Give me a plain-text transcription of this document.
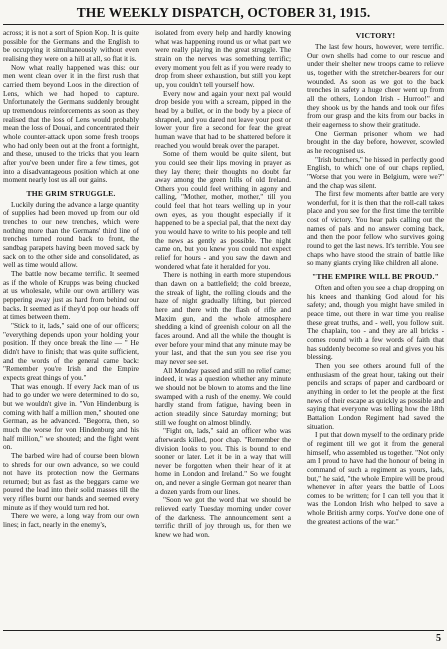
THE WEEKLY DISPATCH, OCTOBER 31, 1915.

across; it is not a sort of Spion Kop. It is quite possible for the Germans and the English to be occupying it simultaneously without even realising they were on a hill at all, so flat it is.

Now what really happened was this: our men went clean over it in the first rush that carried them beyond Loos in the direction of Lens, which we had hoped to capture. Unfortunately the Germans suddenly brought up tremendous reinforcements as soon as they realised that the loss of Lens would probably mean the loss of Douai, and concentrated their whole counter-attack upon some fresh troops who had only been out at the front a fortnight, and these, unused to the tricks that you learn after you've been under fire a few times, got into a disadvantageous position which at one moment nearly lost us all our gains.

THE GRIM STRUGGLE.

Luckily during the advance a large quantity of supplies had been moved up from our old trenches to our new trenches, which were nothing more than the Germans' third line of trenches turned round back to front, the sandbag parapets having been moved sack by sack on to the other side and consolidated, as well as time would allow.

The battle now became terrific. It seemed as if the whole of Krupps was being chucked at us wholesale, while our own artillery was peppering away just as hard from behind our backs. It seemed as if they'd pop our heads off at times between them.

"Stick to it, lads," said one of our officers; "everything depends upon your holding your position. If they once break the line — " He didn't have to finish; that was quite sufficient, and the words of the general came back: "Remember you're Irish and the Empire expects great things of you."

That was enough. If every Jack man of us had to go under we were determined to do so, but we wouldn't give in. "Von Hindenburg is coming with half a million men," shouted one German, as he advanced. "Begorra, then, so much the worse for von Hindenburg and his half million," we shouted; and the fight went on.

The barbed wire had of course been blown to shreds for our own advance, so we could not have its protection now the Germans returned; but as fast as the beggars came we poured the lead into their solid masses till the very rifles burnt our hands and seemed every minute as if they would turn red hot.

There we were, a long way from our own lines; in fact, nearly in the enemy's,

isolated from every help and hardly knowing what was happening round us or what part we were really playing in the great struggle. The strain on the nerves was something terrific; every moment you felt as if you were ready to drop from sheer exhaustion, but still you kept up, you couldn't tell yourself how.

Every now and again your next pal would drop beside you with a scream, pipped in the head by a bullet, or in the body by a piece of shrapnel, and you dared not leave your post or lower your fire a second for fear the great human wave that had to be shattered before it reached you would break over the parapet.

Some of them would be quite silent, but you could see their lips moving in prayer as they lay there; their thoughts no doubt far away among the green hills of old Ireland. Others you could feel writhing in agony and calling, "Mother, mother, mother," till you could feel that hot tears welling up in your own eyes, as you thought especially if it happened to be a special pal, that the next day you would have to write to his people and tell the news as gently as possible. The night came on, but you knew you could not expect relief for hours - and you saw the dawn and wondered what fate it heralded for you.

There is nothing in earth more stupendous than dawn on a battlefield; the cold breeze, the streak of light, the rolling clouds and the haze of night gradually lifting, but pierced here and there with the flash of rifle and Maxim gun, and the whole atmosphere shedding a kind of greenish colour on all the faces around. And all the while the thought is ever before your mind that any minute may be your last, and that the sun you see rise you may never see set.

All Monday passed and still no relief came; indeed, it was a question whether any minute we should not be blown to atoms and the line swamped with a rush of the enemy. We could hardly stand from fatigue, having been in action steadily since Saturday morning; but still we fought on almost blindly.

"Fight on, lads," said an officer who was afterwards killed, poor chap. "Remember the division looks to you. This is bound to end sooner or later. Let it be in a way that will never be forgotten when their hear of it at home in London and Ireland." So we fought on, and never a single German got nearer than a dozen yards from our lines.

"Soon we got the word that we should be relieved early Tuesday morning under cover of the darkness. The announcement sent a terrific thrill of joy through us, for then we knew we had won.

VICTORY!

The last few hours, however, were terrific. Our own shells had come to our rescue and under their shelter new troops came to relieve us, together with the stretcher-bearers for our wounded. As soon as we got to the back trenches in safety a huge cheer went up from all the others, London Irish - Hurroo!" and they shook us by the hands and took our fifes from our grasp and the kits from our backs in their eagerness to show their gratitude.

One German prisoner whom we had brought in the day before, however, scowled as he recognised us.

"Irish butchers," he hissed in perfectly good English, to which one of our chaps replied, "Worse that you were in Belgium, were we?" and the chap was silent.

The first few moments after battle are very wonderful, for it is then that the roll-call takes place and you see for the first time the terrible cost of victory. You hear pals calling out the names of pals and no answer coming back, and then the poor fellow who survives going round to get the last news. It's terrible. You see chaps who have stood the strain of battle like so many giants crying like children all alone.

"THE EMPIRE WILL BE PROUD."

Often and often you see a chap dropping on his knees and thanking God aloud for his safety; and, though you might have smiled in peace time, out there in war time you realise these great truths, and - well, you follow suit. The chaplain, too - and they are all bricks - comes round with a few words of faith that has suddenly become so real and gives you his blessing.

Then you see others around full of the enthusiasm of the great hour, taking out their pencils and scraps of paper and cardboard or anything in order to let the people at the first news of their escape as quickly as possible and saying that everyone was telling how the 18th Battalion London Regiment had saved the situation.

I put that down myself to the ordinary pride of regiment till we got it from the general himself, who assembled us together. "Not only am I proud to have had the honour of being in command of such a regiment as yours, lads, but," he said, "the whole Empire will be proud whenever in after years the battle of Loos comes to be written; for I can tell you that it was the London Irish who helped to save a whole British army corps. You've done one of the greatest actions of the war."

5
